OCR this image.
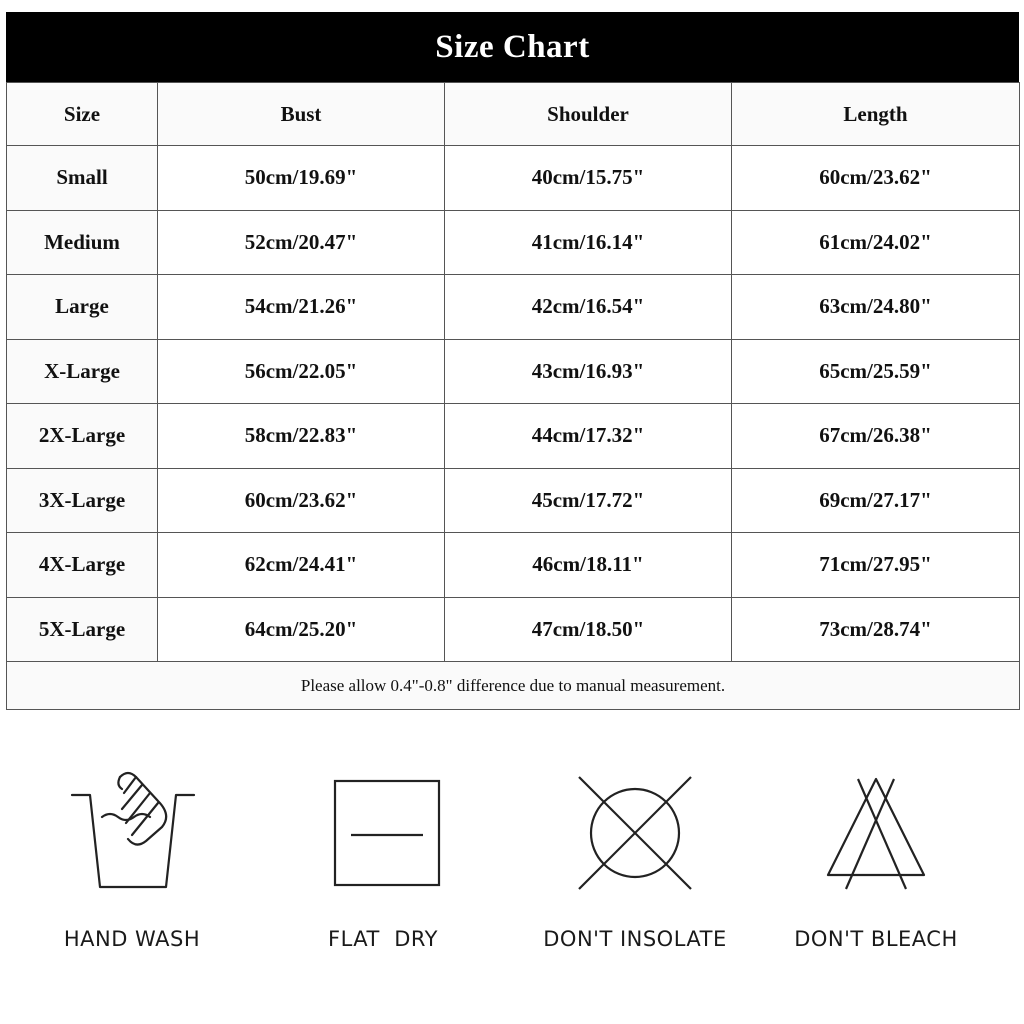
Size Chart
Size	Bust	Shoulder	Length
Small	50cm/19.69"	40cm/15.75"	60cm/23.62"
Medium	52cm/20.47"	41cm/16.14"	61cm/24.02"
Large	54cm/21.26"	42cm/16.54"	63cm/24.80"
X-Large	56cm/22.05"	43cm/16.93"	65cm/25.59"
2X-Large	58cm/22.83"	44cm/17.32"	67cm/26.38"
3X-Large	60cm/23.62"	45cm/17.72"	69cm/27.17"
4X-Large	62cm/24.41"	46cm/18.11"	71cm/27.95"
5X-Large	64cm/25.20"	47cm/18.50"	73cm/28.74"
Please allow 0.4"-0.8" difference due to manual measurement.			
HAND WASH	FLAT  DRY	DON'T INSOLATE	DON'T BLEACH
